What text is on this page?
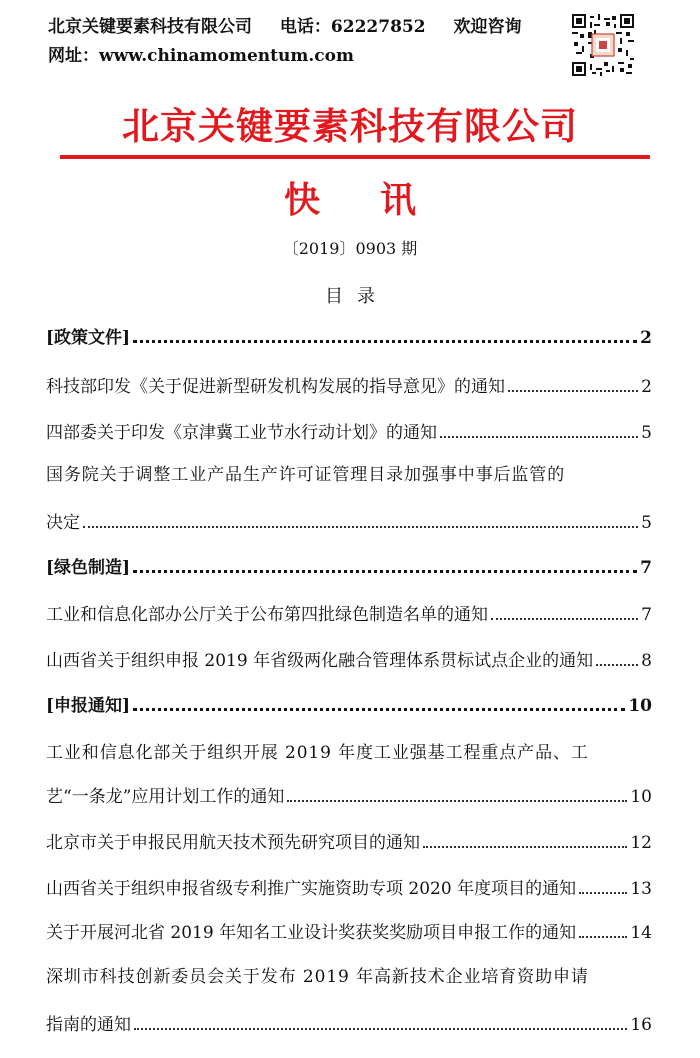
北京关键要素科技有限公司 电话：62227852 欢迎咨询
网址：www.chinamomentum.com
北京关键要素科技有限公司
快讯
〔2019〕0903 期
目录
[政策文件]	2
科技部印发《关于促进新型研发机构发展的指导意见》的通知	2
四部委关于印发《京津冀工业节水行动计划》的通知	5
国务院关于调整工业产品生产许可证管理目录加强事中事后监管的
决定	5
[绿色制造]	7
工业和信息化部办公厅关于公布第四批绿色制造名单的通知	7
山西省关于组织申报 2019 年省级两化融合管理体系贯标试点企业的通知	8
[申报通知]	10
工业和信息化部关于组织开展 2019 年度工业强基工程重点产品、工
艺“一条龙”应用计划工作的通知	10
北京市关于申报民用航天技术预先研究项目的通知	12
山西省关于组织申报省级专利推广实施资助专项 2020 年度项目的通知	13
关于开展河北省 2019 年知名工业设计奖获奖奖励项目申报工作的通知	14
深圳市科技创新委员会关于发布 2019 年高新技术企业培育资助申请
指南的通知	16
